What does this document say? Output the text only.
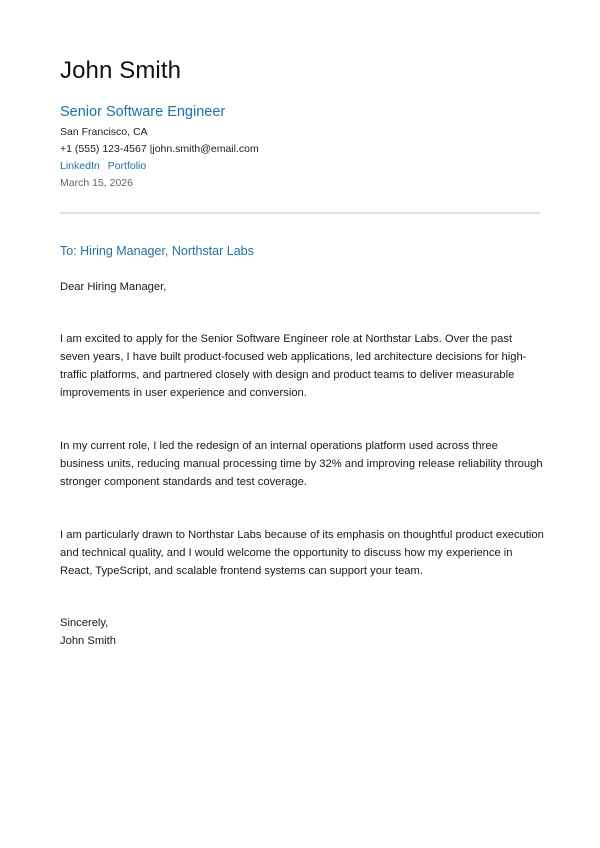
John Smith
Senior Software Engineer
San Francisco, CA
+1 (555) 123-4567 |john.smith@email.com
LinkedIn Portfolio
March 15, 2026
To: Hiring Manager, Northstar Labs

Dear Hiring Manager,

I am excited to apply for the Senior Software Engineer role at Northstar Labs. Over the past seven years, I have built product-focused web applications, led architecture decisions for high-traffic platforms, and partnered closely with design and product teams to deliver measurable improvements in user experience and conversion.

In my current role, I led the redesign of an internal operations platform used across three business units, reducing manual processing time by 32% and improving release reliability through stronger component standards and test coverage.

I am particularly drawn to Northstar Labs because of its emphasis on thoughtful product execution and technical quality, and I would welcome the opportunity to discuss how my experience in React, TypeScript, and scalable frontend systems can support your team.

Sincerely,

John Smith
